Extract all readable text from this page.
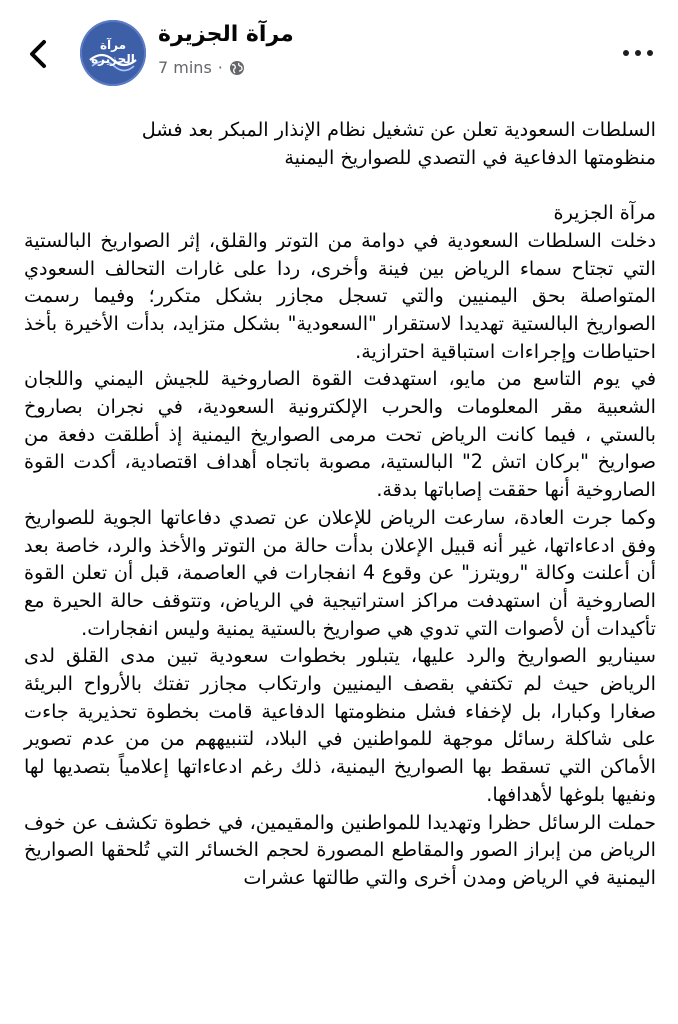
مرآة الجزيرة
مرآة الجزيرة
7 mins ·

السلطات السعودية تعلن عن تشغيل نظام الإنذار المبكر بعد فشل
منظومتها الدفاعية في التصدي للصواريخ اليمنية

مرآة الجزيرة

دخلت السلطات السعودية في دوامة من التوتر والقلق، إثر الصواريخ البالستية التي تجتاح سماء الرياض بين فينة وأخرى، ردا على غارات التحالف السعودي المتواصلة بحق اليمنيين والتي تسجل مجازر بشكل متكرر؛ وفيما رسمت الصواريخ البالستية تهديدا لاستقرار "السعودية" بشكل متزايد، بدأت الأخيرة بأخذ احتياطات وإجراءات استباقية احترازية.

في يوم التاسع من مايو، استهدفت القوة الصاروخية للجيش اليمني واللجان الشعبية مقر المعلومات والحرب الإلكترونية السعودية، في نجران بصاروخ بالستي ، فيما كانت الرياض تحت مرمى الصواريخ اليمنية إذ أطلقت دفعة من صواريخ "بركان اتش 2" البالستية، مصوبة باتجاه أهداف اقتصادية، أكدت القوة الصاروخية أنها حققت إصاباتها بدقة.

وكما جرت العادة، سارعت الرياض للإعلان عن تصدي دفاعاتها الجوية للصواريخ وفق ادعاءاتها، غير أنه قبيل الإعلان بدأت حالة من التوتر والأخذ والرد، خاصة بعد أن أعلنت وكالة "رويترز" عن وقوع 4 انفجارات في العاصمة، قبل أن تعلن القوة الصاروخية أن استهدفت مراكز استراتيجية في الرياض، وتتوقف حالة الحيرة مع تأكيدات أن لأصوات التي تدوي هي صواريخ بالستية يمنية وليس انفجارات.

سيناريو الصواريخ والرد عليها، يتبلور بخطوات سعودية تبين مدى القلق لدى الرياض حيث لم تكتفي بقصف اليمنيين وارتكاب مجازر تفتك بالأرواح البريئة صغارا وكبارا، بل لإخفاء فشل منظومتها الدفاعية قامت بخطوة تحذيرية جاءت على شاكلة رسائل موجهة للمواطنين في البلاد، لتنبيههم من من عدم تصوير الأماكن التي تسقط بها الصواريخ اليمنية، ذلك رغم ادعاءاتها إعلامياً بتصديها لها ونفيها بلوغها لأهدافها.

حملت الرسائل حظرا وتهديدا للمواطنين والمقيمين، في خطوة تكشف عن خوف الرياض من إبراز الصور والمقاطع المصورة لحجم الخسائر التي تُلحقها الصواريخ اليمنية في الرياض ومدن أخرى والتي طالتها عشرات
